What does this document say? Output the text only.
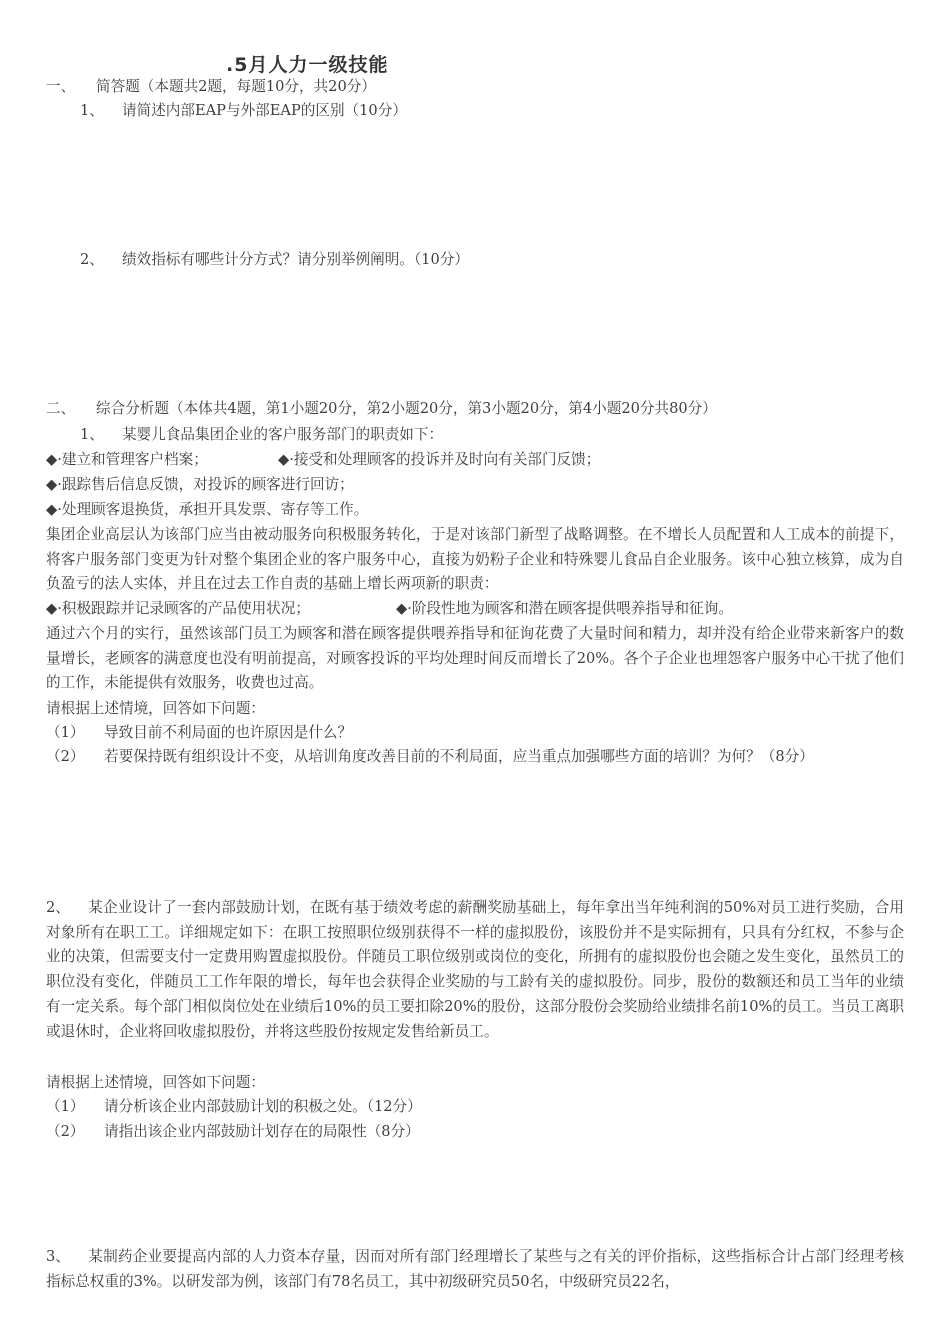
.5月人力一级技能
一、 简答题（本题共2题，每题10分，共20分）
1、 请简述内部EAP与外部EAP的区别（10分）
2、 绩效指标有哪些计分方式？请分别举例阐明。（10分）
二、 综合分析题（本体共4题，第1小题20分，第2小题20分，第3小题20分，第4小题20分共80分）
1、 某婴儿食品集团企业的客户服务部门的职责如下：
◆·建立和管理客户档案；	◆·接受和处理顾客的投诉并及时向有关部门反馈；
◆·跟踪售后信息反馈，对投诉的顾客进行回访；
◆·处理顾客退换货，承担开具发票、寄存等工作。
集团企业高层认为该部门应当由被动服务向积极服务转化，于是对该部门新型了战略调整。在不增长人员配置和人工成本的前提下，将客户服务部门变更为针对整个集团企业的客户服务中心，直接为奶粉子企业和特殊婴儿食品自企业服务。该中心独立核算，成为自负盈亏的法人实体，并且在过去工作自责的基础上增长两项新的职责：
◆·积极跟踪并记录顾客的产品使用状况；	◆·阶段性地为顾客和潜在顾客提供喂养指导和征询。
通过六个月的实行，虽然该部门员工为顾客和潜在顾客提供喂养指导和征询花费了大量时间和精力，却并没有给企业带来新客户的数量增长，老顾客的满意度也没有明前提高，对顾客投诉的平均处理时间反而增长了20%。各个子企业也埋怨客户服务中心干扰了他们的工作，未能提供有效服务，收费也过高。
请根据上述情境，回答如下问题：
（1） 导致目前不利局面的也许原因是什么？
（2） 若要保持既有组织设计不变，从培训角度改善目前的不利局面，应当重点加强哪些方面的培训？为何？（8分）
2、 某企业设计了一套内部鼓励计划，在既有基于绩效考虑的薪酬奖励基础上，每年拿出当年纯利润的50%对员工进行奖励，合用对象所有在职工工。详细规定如下：在职工按照职位级别获得不一样的虚拟股份，该股份并不是实际拥有，只具有分红权，不参与企业的决策，但需要支付一定费用购置虚拟股份。伴随员工职位级别或岗位的变化，所拥有的虚拟股份也会随之发生变化，虽然员工的职位没有变化，伴随员工工作年限的增长，每年也会获得企业奖励的与工龄有关的虚拟股份。同步，股份的数额还和员工当年的业绩有一定关系。每个部门相似岗位处在业绩后10%的员工要扣除20%的股份，这部分股份会奖励给业绩排名前10%的员工。当员工离职或退休时，企业将回收虚拟股份，并将这些股份按规定发售给新员工。
请根据上述情境，回答如下问题：
（1） 请分析该企业内部鼓励计划的积极之处。（12分）
（2） 请指出该企业内部鼓励计划存在的局限性（8分）
3、 某制药企业要提高内部的人力资本存量，因而对所有部门经理增长了某些与之有关的评价指标，这些指标合计占部门经理考核指标总权重的3%。以研发部为例，该部门有78名员工，其中初级研究员50名，中级研究员22名，
